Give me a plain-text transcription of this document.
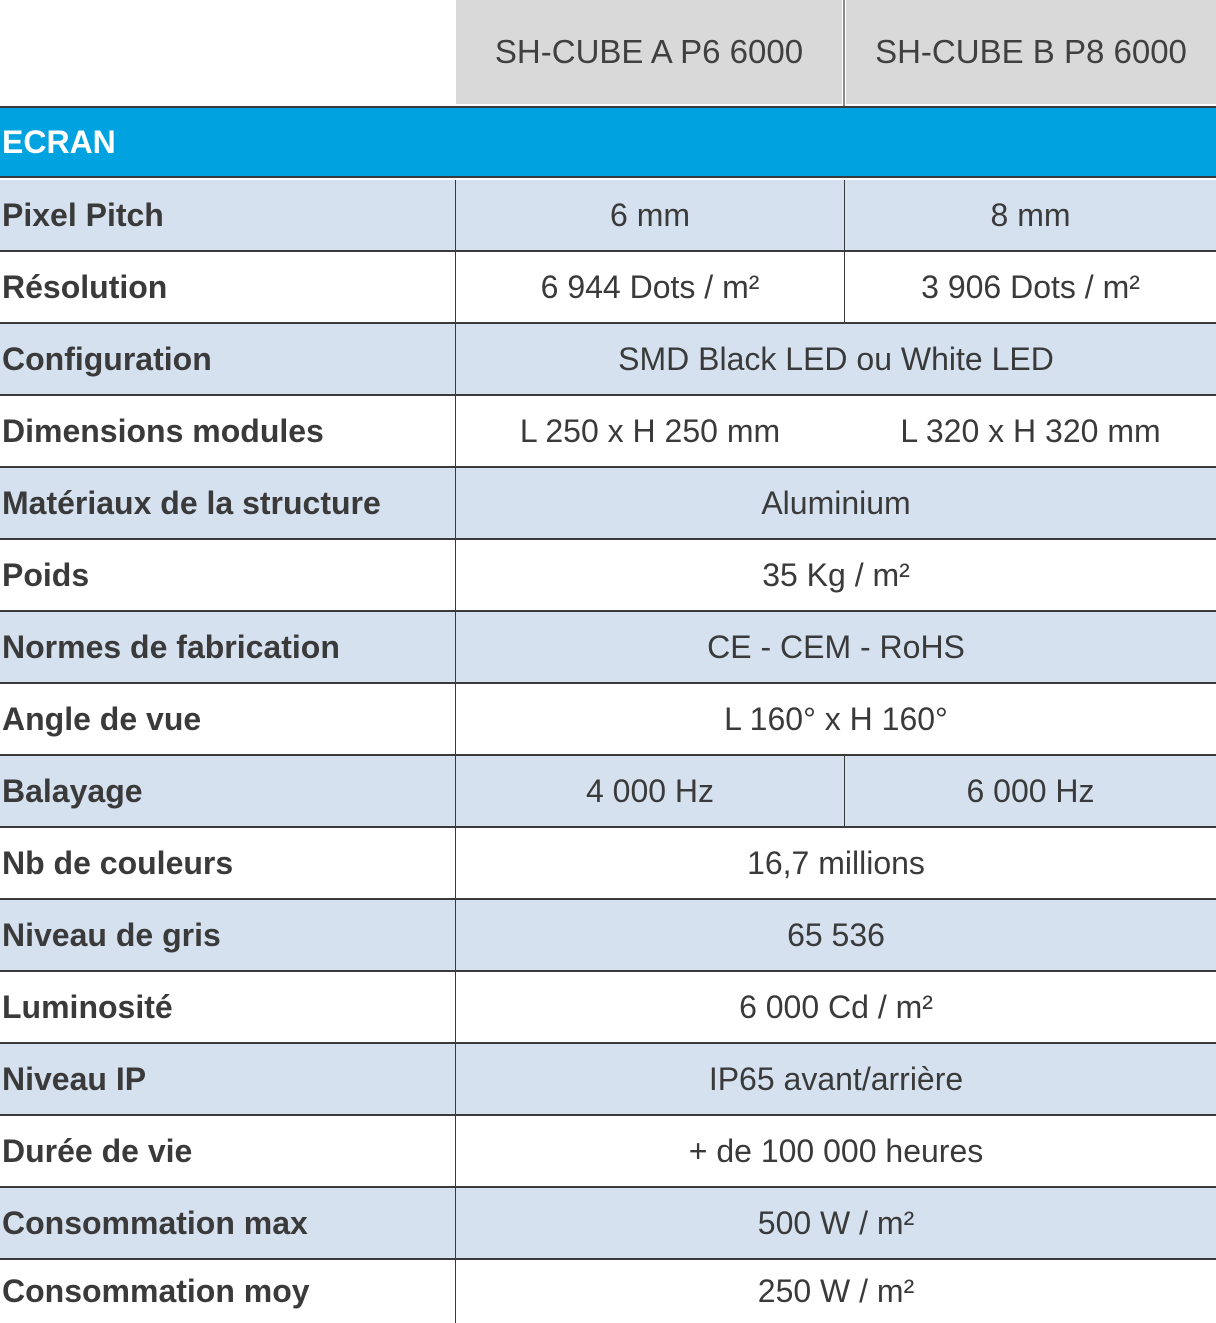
SH-CUBE A P6 6000	SH-CUBE B P8 6000
ECRAN
Pixel Pitch	6 mm	8 mm
Résolution	6 944 Dots / m²	3 906 Dots / m²
Configuration	SMD Black LED ou White LED
Dimensions modules	L 250 x H 250 mm	L 320 x H 320 mm
Matériaux de la structure	Aluminium
Poids	35 Kg / m²
Normes de fabrication	CE - CEM - RoHS
Angle de vue	L 160° x H 160°
Balayage	4 000 Hz	6 000 Hz
Nb de couleurs	16,7 millions
Niveau de gris	65 536
Luminosité	6 000 Cd / m²
Niveau IP	IP65 avant/arrière
Durée de vie	+ de 100 000 heures
Consommation max	500 W / m²
Consommation moy	250 W / m²
